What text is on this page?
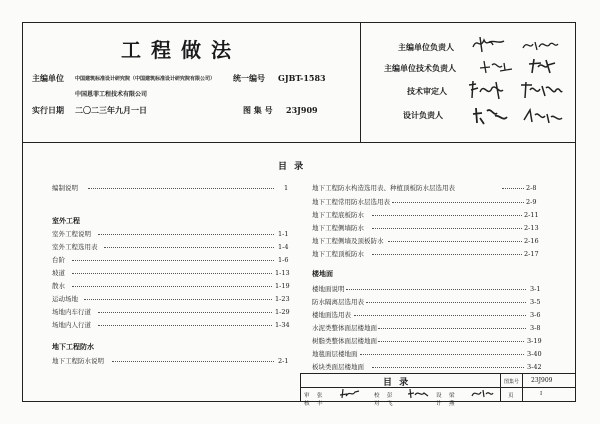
工程做法
主编单位 中国建筑标准设计研究院（中国建筑标准设计研究院有限公司）
中国恩菲工程技术有限公司
统一编号 GJBT-1583
实行日期 二〇二三年九月一日	图 集 号 23J909
主编单位负责人
主编单位技术负责人
技术审定人
设计负责人
目 录
编制说明	1
室外工程
室外工程说明	1-1
室外工程选用表	1-4
台阶	1-6
坡道	1-13
散水	1-19
运动场地	1-23
场地内车行道	1-29
场地内人行道	1-34
地下工程防水
地下工程防水说明	2-1
地下工程防水构造选用表、种植顶板防水层选用表	2-8
地下工程常用防水层选用表	2-9
地下工程底板防水	2-11
地下工程侧墙防水	2-13
地下工程侧墙及顶板防水	2-16
地下工程顶板防水	2-17
楼地面
楼地面说明	3-1
防水隔离层选用表	3-5
楼地面选用表	3-6
水泥类整体面层楼地面	3-8
树脂类整体面层楼地面	3-19
地毯面层楼地面	3-40
板块类面层楼地面	3-42
目 录	图集号 23J909
审核
张 丰
校对
彭 飞
设计
梁 燕
页	I
